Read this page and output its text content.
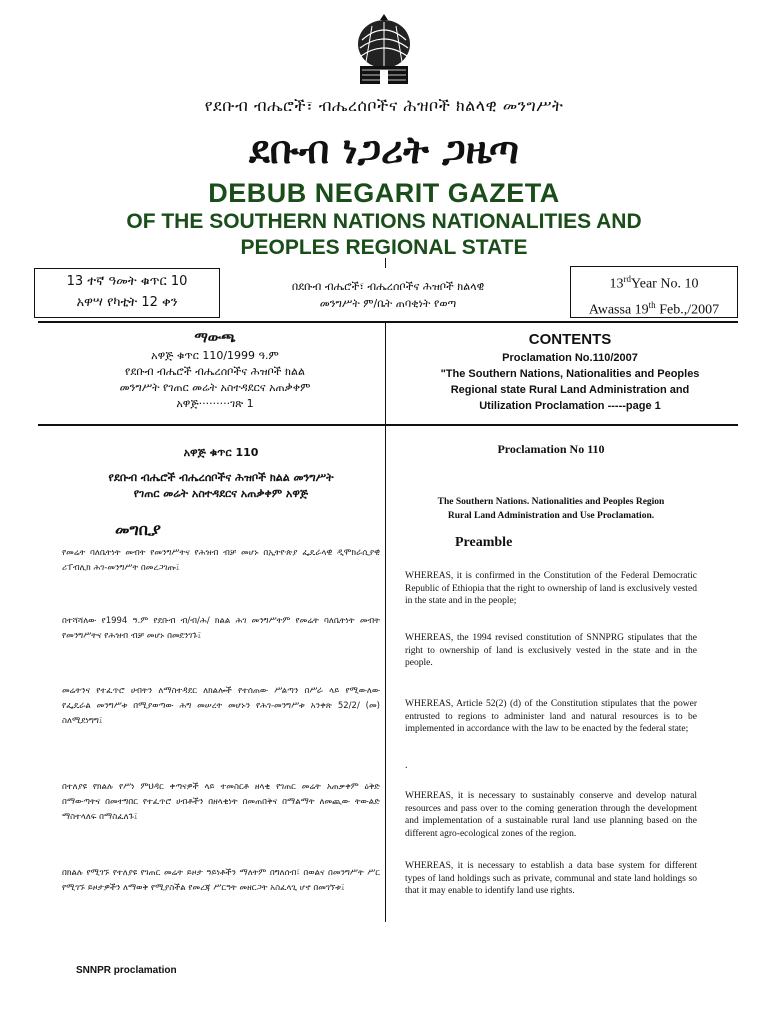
የደቡብ ብሔሮች፣ ብሔረሰቦችና ሕዝቦች ክልላዊ መንግሥት
ደቡብ ነጋሪት ጋዜጣ
DEBUB NEGARIT GAZETA
OF THE SOUTHERN NATIONS NATIONALITIES AND
PEOPLES REGIONAL STATE
13 ተኛ ዓመት ቁጥር 10
አዋሣ የካቲት 12 ቀን
በደቡብ ብሔሮች፣ ብሔረሰቦችና ሕዝቦች ክልላዊ
መንግሥት ም/ቤት ጠባቂነት የወጣ
13rdYear No. 10
Awassa 19th Feb.,/2007
ማውጫ
አዋጅ ቁጥር 110/1999 ዓ.ም
የደቡብ ብሔሮች ብሔረሰቦችና ሕዝቦች ክልል
መንግሥት የገጠር መሬት አስተዳደርና አጠቃቀም
አዋጅ·········ገጽ 1
CONTENTS
Proclamation No.110/2007
"The Southern Nations, Nationalities and Peoples
Regional state Rural Land Administration and
Utilization Proclamation -----page 1
አዋጅ ቁጥር 110
የደቡብ ብሔሮች ብሔረሰቦችና ሕዝቦች ክልል መንግሥት
የገጠር መሬት አስተዳደርና አጠቃቀም አዋጅ
መግቢያ
የመሬት ባለቤትነት መብት የመንግሥትና የሕዝብ ብቻ መሆኑ በኢትዮጵያ ፌዴራላዊ ዲሞክራሲያዊ ሪፐብሊክ ሕገ-መንግሥት በመረጋገጡ፤
በተሻሻለው የ1994 ዓ.ም የደቡብ ብ/ብ/ሕ/ ክልል ሕገ መንግሥትም የመሬት ባለቤትነት መብት የመንግሥትና የሕዝብ ብቻ መሆኑ በመደንገጉ፤
መሬትንና የተፈጥሮ ሀብትን ለማስተዳደር ለክልሎች የተሰጠው ሥልጣን በሥራ ላይ የሚውለው የፌዴራል መንግሥቱ በሚያወጣው ሕግ መሠረት መሆኑን የሕገ-መንግሥቱ አንቀጽ 52/2/ (መ) ስለሚደነግግ፤
በተለያዩ የክልሉ የሥነ ምህዳር ቀጣናዎች ላይ ተመስርቶ ዘላቂ የገጠር መሬት አጠቃቀም ዕቅድ በማውጣትና በመተግበር የተፈጥሮ ሀብቶችን በዘላቂነት በመጠበቅና በማልማት ለመጪው ትውልድ ማስተላለፍ በማስፈለጉ፤
በክልሉ የሚገኙ የተለያዩ የገጠር መሬት ይዞታ ዓይነቶችን ማለትም በግለሰብ፣ በወልና በመንግሥት ሥር የሚገኙ ይዞታዎችን ለማወቅ የሚያስችል የመረጃ ሥርዓት መዘርጋት አስፈላጊ ሆኖ በመገኘቱ፤
Proclamation No 110
The Southern Nations. Nationalities and Peoples Region
Rural Land Administration and Use Proclamation.
Preamble
WHEREAS, it is confirmed in the Constitution of the Federal Democratic Republic of Ethiopia that the right to ownership of land is exclusively vested in the state and in the people;
WHEREAS, the 1994 revised constitution of SNNPRG stipulates that the right to ownership of land is exclusively vested in the state and in the people.
WHEREAS, Article 52(2) (d) of the Constitution stipulates that the power entrusted to regions to administer land and natural resources is to be implemented in accordance with the law to be enacted by the federal state;
.
WHEREAS, it is necessary to sustainably conserve and develop natural resources and pass over to the coming generation through the development and implementation of a sustainable rural land use planning based on the different agro-ecological zones of the region.
WHEREAS, it is necessary to establish a data base system for different types of land holdings such as private, communal and state land holdings so that it may enable to identify land use rights.
SNNPR proclamation
